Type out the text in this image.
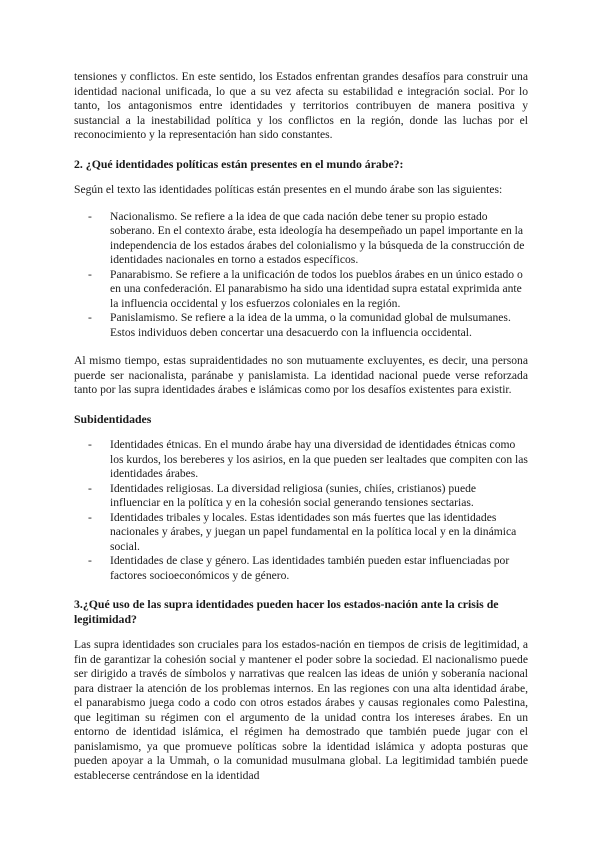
tensiones y conflictos. En este sentido, los Estados enfrentan grandes desafíos para construir una identidad nacional unificada, lo que a su vez afecta su estabilidad e integración social. Por lo tanto, los antagonismos entre identidades y territorios contribuyen de manera positiva y sustancial a la inestabilidad política y los conflictos en la región, donde las luchas por el reconocimiento y la representación han sido constantes.

2. ¿Qué identidades políticas están presentes en el mundo árabe?:

Según el texto las identidades políticas están presentes en el mundo árabe son las siguientes:

- Nacionalismo. Se refiere a la idea de que cada nación debe tener su propio estado soberano. En el contexto árabe, esta ideología ha desempeñado un papel importante en la independencia de los estados árabes del colonialismo y la búsqueda de la construcción de identidades nacionales en torno a estados específicos.
- Panarabismo. Se refiere a la unificación de todos los pueblos árabes en un único estado o en una confederación. El panarabismo ha sido una identidad supra estatal exprimida ante la influencia occidental y los esfuerzos coloniales en la región.
- Panislamismo. Se refiere a la idea de la umma, o la comunidad global de mulsumanes. Estos individuos deben concertar una desacuerdo con la influencia occidental.

Al mismo tiempo, estas supraidentidades no son mutuamente excluyentes, es decir, una persona puerde ser nacionalista, paránabe y panislamista. La identidad nacional puede verse reforzada tanto por las supra identidades árabes e islámicas como por los desafíos existentes para existir.

Subidentidades
- Identidades étnicas. En el mundo árabe hay una diversidad de identidades étnicas como los kurdos, los bereberes y los asirios, en la que pueden ser lealtades que compiten con las identidades árabes.
- Identidades religiosas. La diversidad religiosa (sunies, chiíes, cristianos) puede influenciar en la política y en la cohesión social generando tensiones sectarias.
- Identidades tribales y locales. Estas identidades son más fuertes que las identidades nacionales y árabes, y juegan un papel fundamental en la política local y en la dinámica social.
- Identidades de clase y género. Las identidades también pueden estar influenciadas por factores socioeconómicos y de género.
3.¿Qué uso de las supra identidades pueden hacer los estados-nación ante la crisis de legitimidad?

Las supra identidades son cruciales para los estados-nación en tiempos de crisis de legitimidad, a fin de garantizar la cohesión social y mantener el poder sobre la sociedad. El nacionalismo puede ser dirigido a través de símbolos y narrativas que realcen las ideas de unión y soberanía nacional para distraer la atención de los problemas internos. En las regiones con una alta identidad árabe, el panarabismo juega codo a codo con otros estados árabes y causas regionales como Palestina, que legitiman su régimen con el argumento de la unidad contra los intereses árabes. En un entorno de identidad islámica, el régimen ha demostrado que también puede jugar con el panislamismo, ya que promueve políticas sobre la identidad islámica y adopta posturas que pueden apoyar a la Ummah, o la comunidad musulmana global. La legitimidad también puede establecerse centrándose en la identidad
